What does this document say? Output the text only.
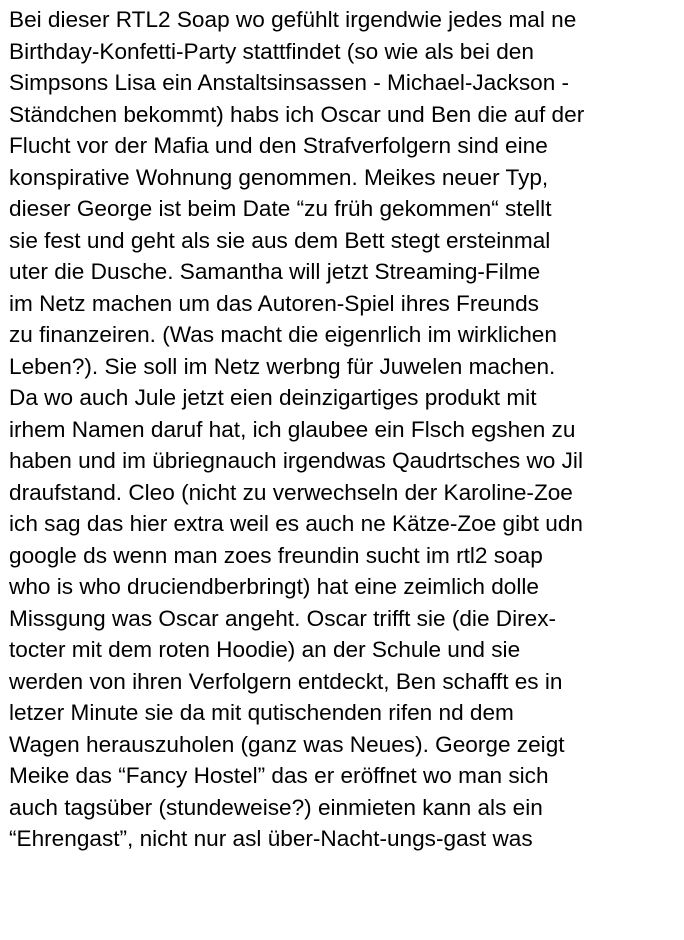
Bei dieser RTL2 Soap wo gefühlt irgendwie jedes mal ne
Birthday-Konfetti-Party stattfindet (so wie als bei den
Simpsons Lisa ein Anstaltsinsassen - Michael-Jackson -
Ständchen bekommt) habs ich Oscar und Ben die auf der
Flucht vor der Mafia und den Strafverfolgern sind eine
konspirative Wohnung genommen. Meikes neuer Typ,
dieser George ist beim Date “zu früh gekommen“ stellt
sie fest und geht als sie aus dem Bett stegt ersteinmal
uter die Dusche. Samantha will jetzt Streaming-Filme
im Netz machen um das Autoren-Spiel ihres Freunds
zu finanzeiren. (Was macht die eigenrlich im wirklichen
Leben?). Sie soll im Netz werbng für Juwelen machen.
Da wo auch Jule jetzt eien deinzigartiges produkt mit
irhem Namen daruf hat, ich glaubee ein Flsch egshen zu
haben und im übriegnauch irgendwas Qaudrtsches wo Jil
draufstand. Cleo (nicht zu verwechseln der Karoline-Zoe
ich sag das hier extra weil es auch ne Kätze-Zoe gibt udn
google ds wenn man zoes freundin sucht im rtl2 soap
who is who druciendberbringt) hat eine zeimlich dolle
Missgung was Oscar angeht. Oscar trifft sie (die Direx-
tocter mit dem roten Hoodie) an der Schule und sie
werden von ihren Verfolgern entdeckt, Ben schafft es in
letzer Minute sie da mit qutischenden rifen nd dem
Wagen herauszuholen (ganz was Neues). George zeigt
Meike das “Fancy Hostel” das er eröffnet wo man sich
auch tagsüber (stundeweise?) einmieten kann als ein
“Ehrengast”, nicht nur asl über-Nacht-ungs-gast was
